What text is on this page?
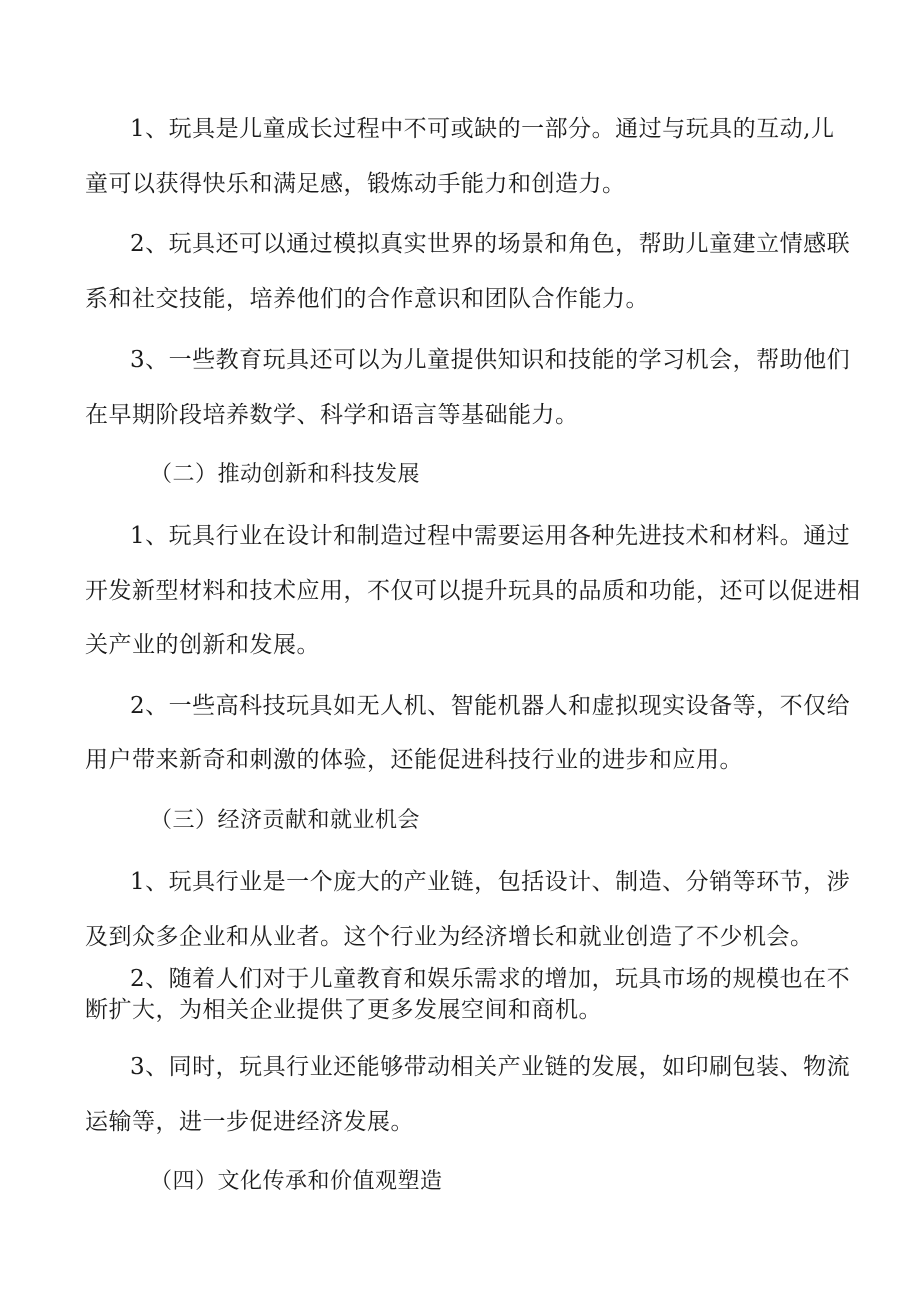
1、玩具是儿童成长过程中不可或缺的一部分。通过与玩具的互动,儿

童可以获得快乐和满足感，锻炼动手能力和创造力。

2、玩具还可以通过模拟真实世界的场景和角色，帮助儿童建立情感联

系和社交技能，培养他们的合作意识和团队合作能力。

3、一些教育玩具还可以为儿童提供知识和技能的学习机会，帮助他们

在早期阶段培养数学、科学和语言等基础能力。

（二）推动创新和科技发展

1、玩具行业在设计和制造过程中需要运用各种先进技术和材料。通过

开发新型材料和技术应用，不仅可以提升玩具的品质和功能，还可以促进相

关产业的创新和发展。

2、一些高科技玩具如无人机、智能机器人和虚拟现实设备等，不仅给

用户带来新奇和刺激的体验，还能促进科技行业的进步和应用。

（三）经济贡献和就业机会

1、玩具行业是一个庞大的产业链，包括设计、制造、分销等环节，涉

及到众多企业和从业者。这个行业为经济增长和就业创造了不少机会。

2、随着人们对于儿童教育和娱乐需求的增加，玩具市场的规模也在不

断扩大，为相关企业提供了更多发展空间和商机。

3、同时，玩具行业还能够带动相关产业链的发展，如印刷包装、物流

运输等，进一步促进经济发展。

（四）文化传承和价值观塑造
